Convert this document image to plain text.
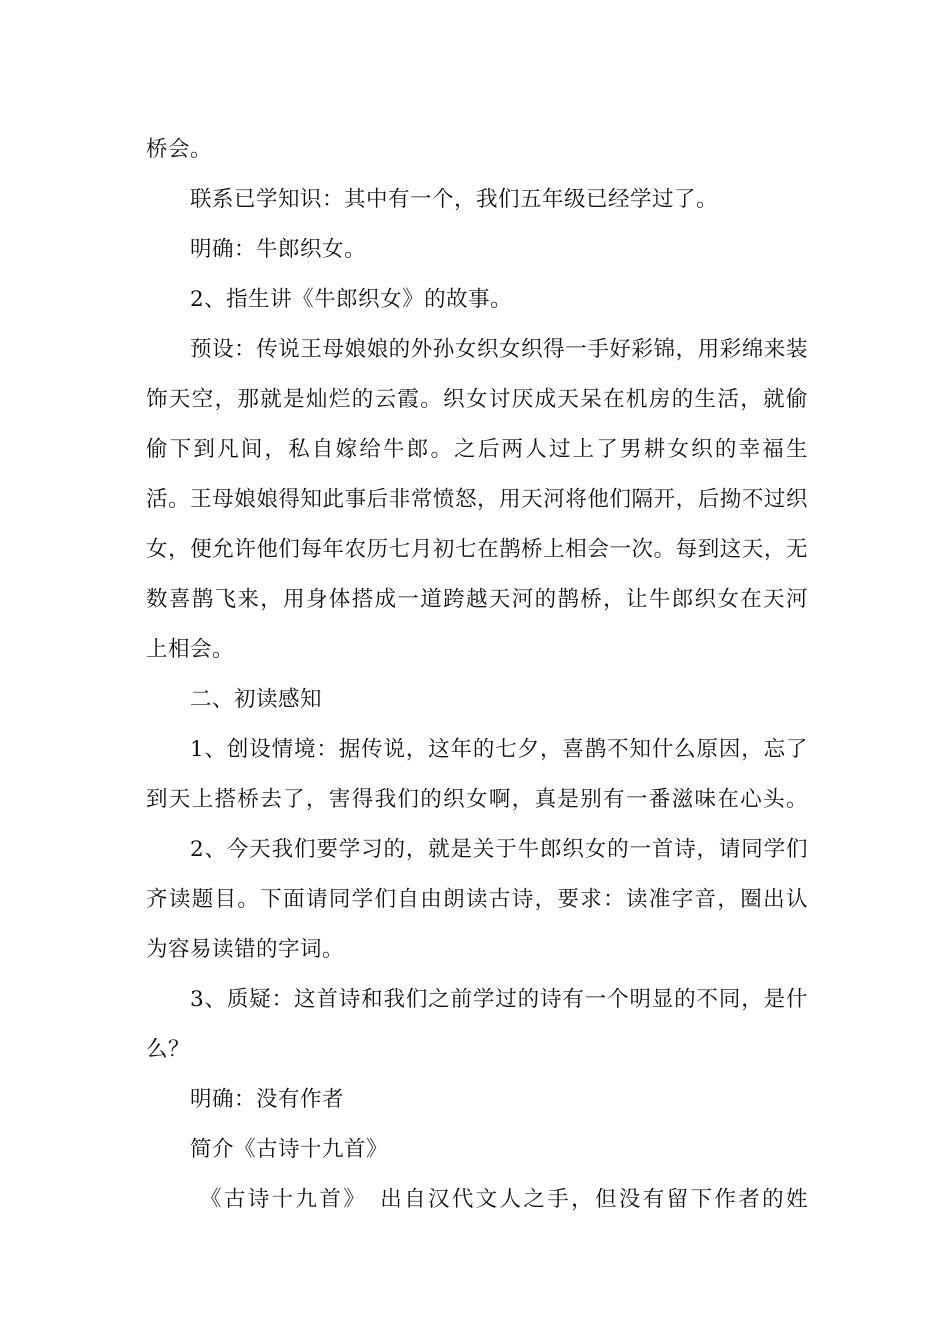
桥会。
联系已学知识：其中有一个，我们五年级已经学过了。
明确：牛郎织女。
2、指生讲《牛郎织女》的故事。
预设：传说王母娘娘的外孙女织女织得一手好彩锦，用彩绵来装
饰天空，那就是灿烂的云霞。织女讨厌成天呆在机房的生活，就偷
偷下到凡间，私自嫁给牛郎。之后两人过上了男耕女织的幸福生
活。王母娘娘得知此事后非常愤怒，用天河将他们隔开，后拗不过织
女，便允许他们每年农历七月初七在鹊桥上相会一次。每到这天，无
数喜鹊飞来，用身体搭成一道跨越天河的鹊桥，让牛郎织女在天河
上相会。
二、初读感知
1、创设情境：据传说，这年的七夕，喜鹊不知什么原因，忘了
到天上搭桥去了，害得我们的织女啊，真是别有一番滋味在心头。
2、今天我们要学习的，就是关于牛郎织女的一首诗，请同学们
齐读题目。下面请同学们自由朗读古诗，要求：读准字音，圈出认
为容易读错的字词。
3、质疑：这首诗和我们之前学过的诗有一个明显的不同，是什
么？
明确：没有作者
简介《古诗十九首》
《古诗十九首》　出自汉代文人之手，但没有留下作者的姓
